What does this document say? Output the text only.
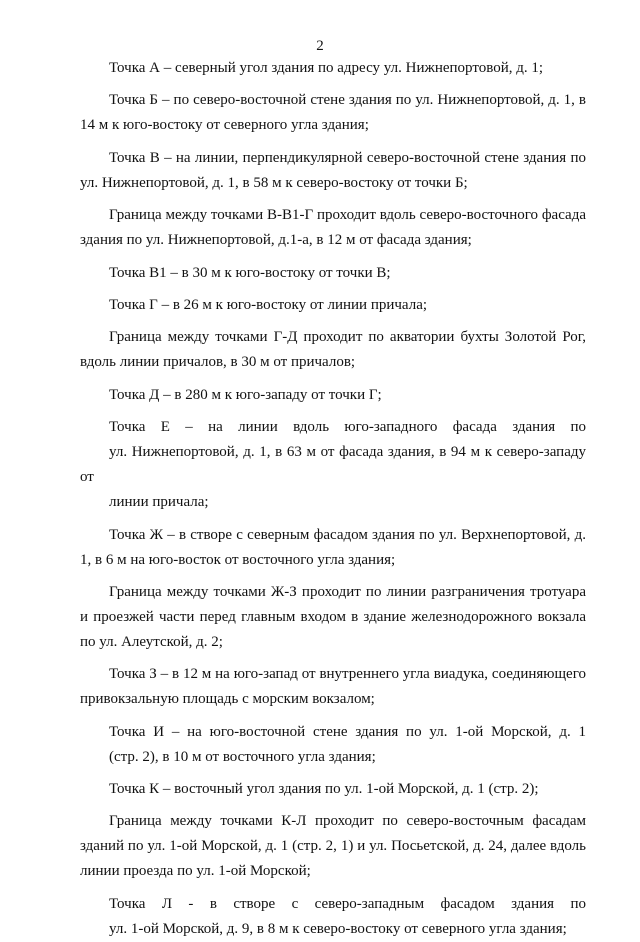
2

Точка А – северный угол здания по адресу ул. Нижнепортовой, д. 1;

Точка Б – по северо-восточной стене здания по ул. Нижнепортовой, д. 1, в 14 м к юго-востоку от северного угла здания;

Точка В – на линии, перпендикулярной северо-восточной стене здания по ул. Нижнепортовой, д. 1, в 58 м к северо-востоку от точки Б;

Граница между точками В-В1-Г проходит вдоль северо-восточного фасада здания по ул. Нижнепортовой, д.1-а, в 12 м от фасада здания;

Точка В1 – в 30 м к юго-востоку от точки В;

Точка Г – в 26 м к юго-востоку от линии причала;

Граница между точками Г-Д проходит по акватории бухты Золотой Рог, вдоль линии причалов, в 30 м от причалов;

Точка Д – в 280 м к юго-западу от точки Г;

Точка Е – на линии вдоль юго-западного фасада здания по
ул. Нижнепортовой, д. 1, в 63 м от фасада здания, в 94 м к северо-западу от
линии причала;

Точка Ж – в створе с северным фасадом здания по ул. Верхнепортовой, д. 1, в 6 м на юго-восток от восточного угла здания;

Граница между точками Ж-З проходит по линии разграничения тротуара и проезжей части перед главным входом в здание железнодорожного вокзала по ул. Алеутской, д. 2;

Точка З – в 12 м на юго-запад от внутреннего угла виадука, соединяющего привокзальную площадь с морским вокзалом;

Точка И – на юго-восточной стене здания по ул. 1-ой Морской, д. 1
(стр. 2), в 10 м от восточного угла здания;

Точка К – восточный угол здания по ул. 1-ой Морской, д. 1 (стр. 2);

Граница между точками К-Л проходит по северо-восточным фасадам зданий по ул. 1-ой Морской, д. 1 (стр. 2, 1) и ул. Посьетской, д. 24, далее вдоль линии проезда по ул. 1-ой Морской;

Точка Л - в створе с северо-западным фасадом здания по
ул. 1-ой Морской, д. 9, в 8 м к северо-востоку от северного угла здания;
